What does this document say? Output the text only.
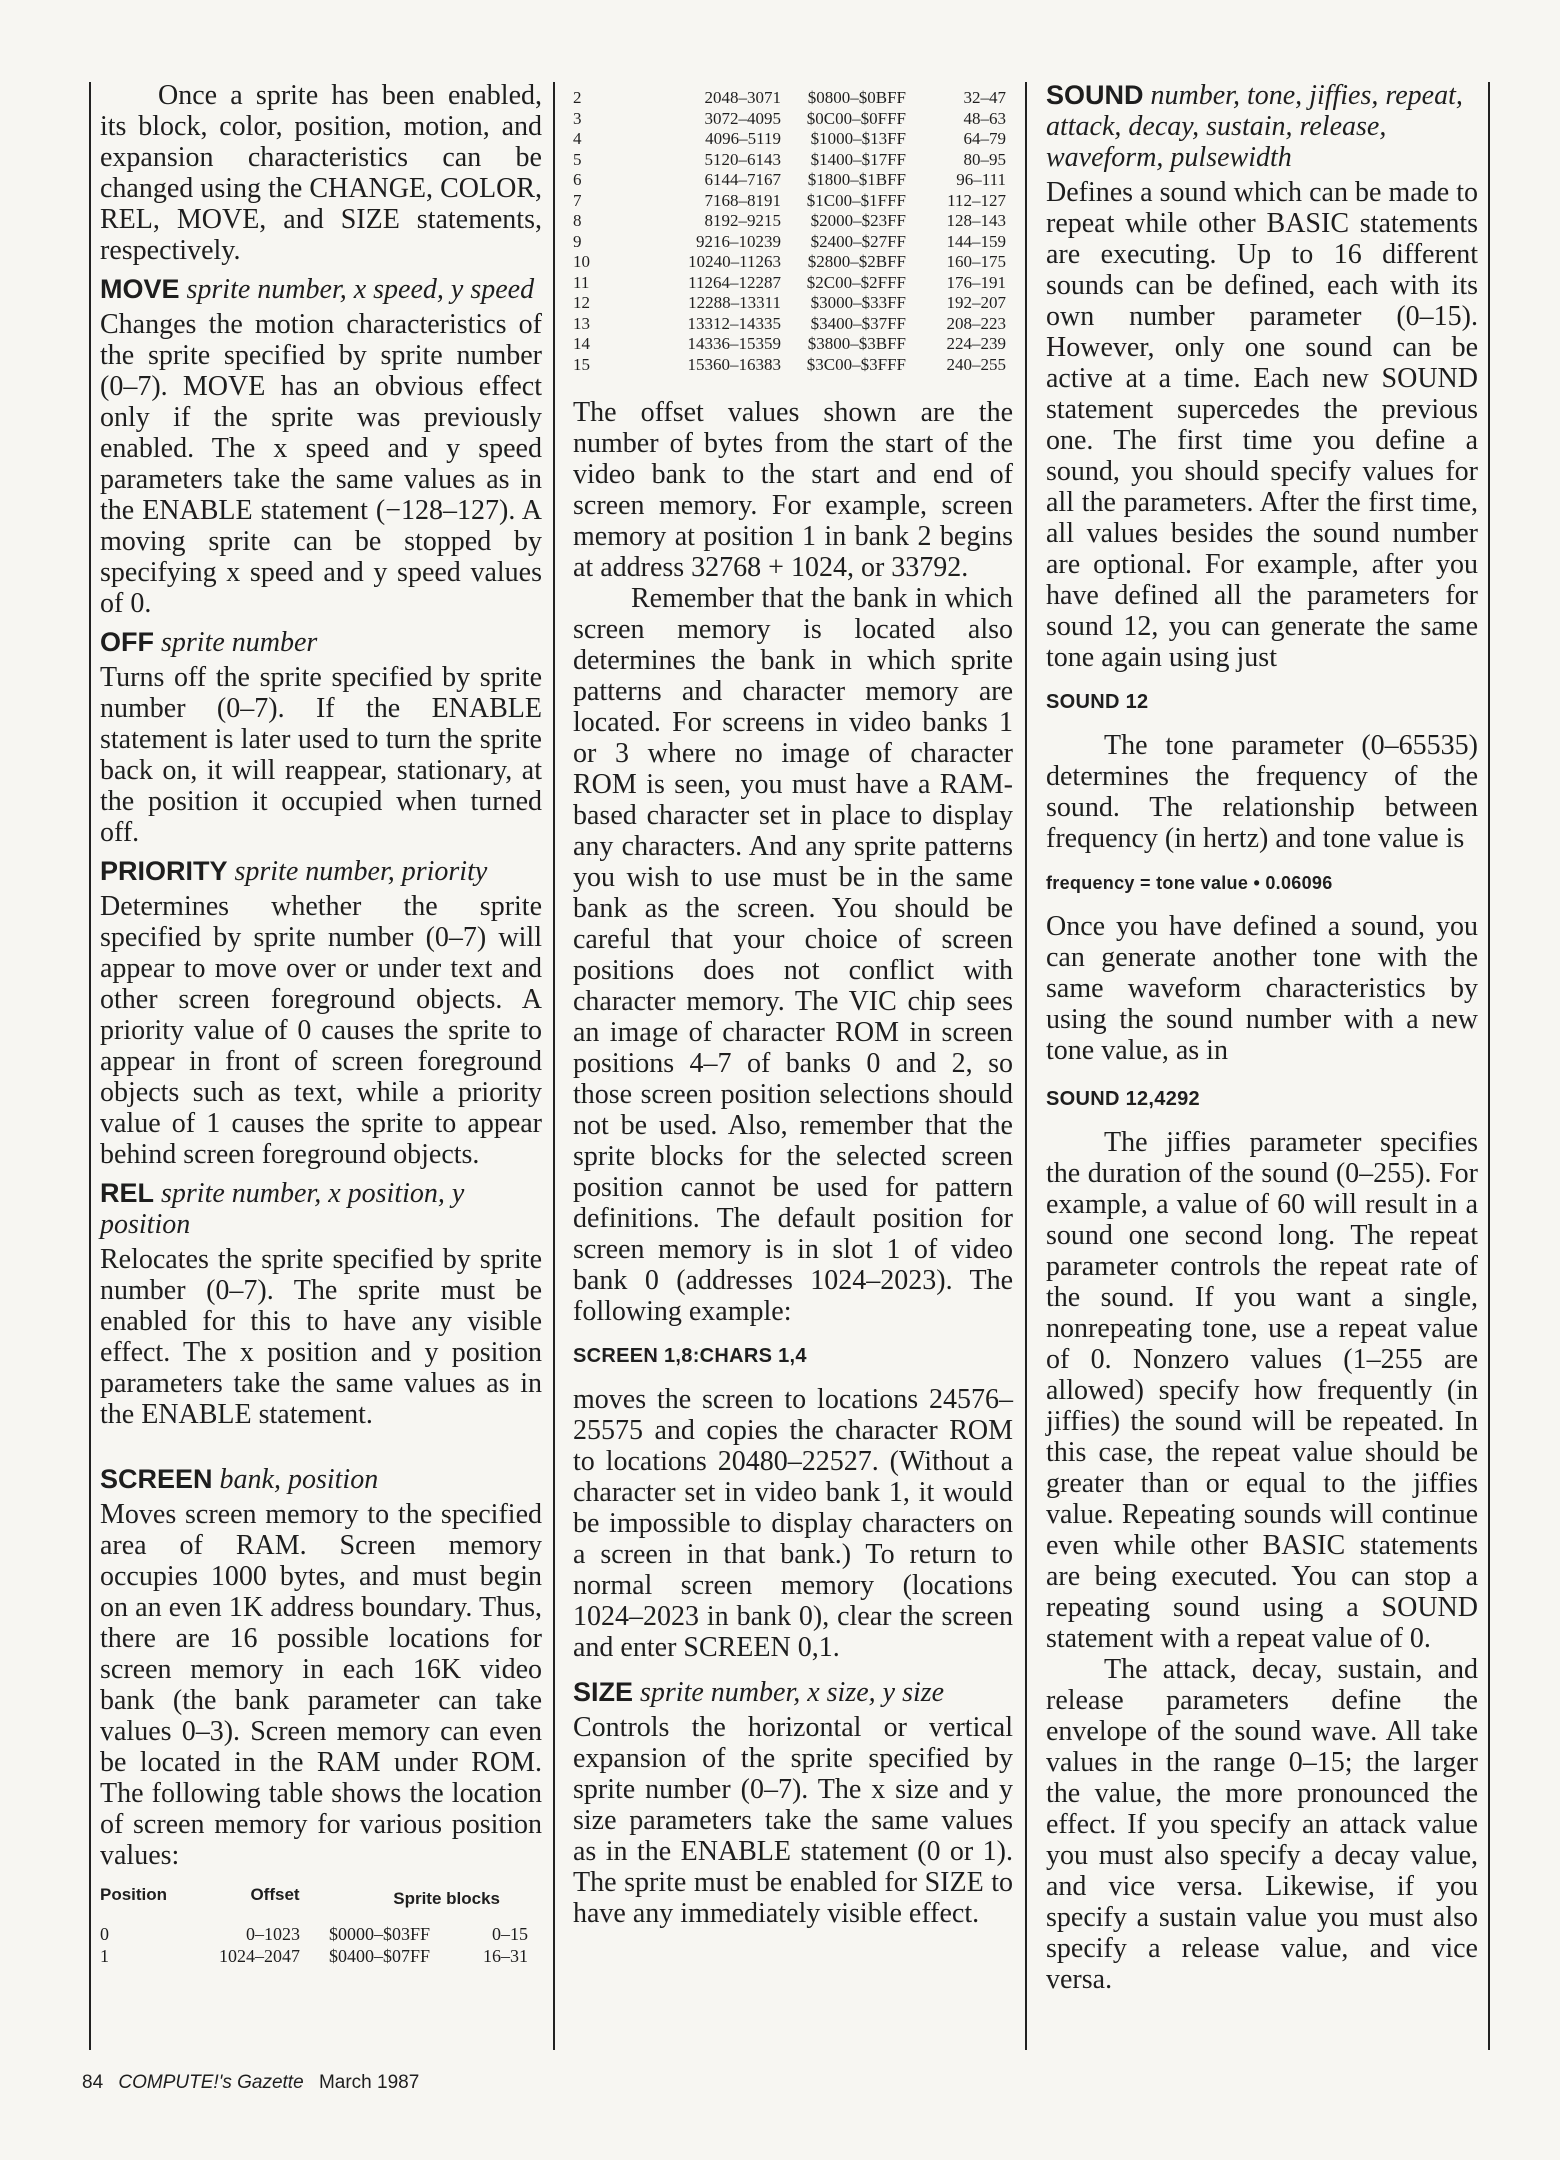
Once a sprite has been enabled, its block, color, position, motion, and expansion characteristics can be changed using the CHANGE, COLOR, REL, MOVE, and SIZE statements, respectively.

MOVE sprite number, x speed, y speed

Changes the motion characteristics of the sprite specified by sprite number (0–7). MOVE has an obvious effect only if the sprite was previously enabled. The x speed and y speed parameters take the same values as in the ENABLE statement (−128–127). A moving sprite can be stopped by specifying x speed and y speed values of 0.

OFF sprite number

Turns off the sprite specified by sprite number (0–7). If the ENABLE statement is later used to turn the sprite back on, it will reappear, stationary, at the position it occupied when turned off.

PRIORITY sprite number, priority

Determines whether the sprite specified by sprite number (0–7) will appear to move over or under text and other screen foreground objects. A priority value of 0 causes the sprite to appear in front of screen foreground objects such as text, while a priority value of 1 causes the sprite to appear behind screen foreground objects.

REL sprite number, x position, y position

Relocates the sprite specified by sprite number (0–7). The sprite must be enabled for this to have any visible effect. The x position and y position parameters take the same values as in the ENABLE statement.

SCREEN bank, position

Moves screen memory to the specified area of RAM. Screen memory occupies 1000 bytes, and must begin on an even 1K address boundary. Thus, there are 16 possible locations for screen memory in each 16K video bank (the bank parameter can take values 0–3). Screen memory can even be located in the RAM under ROM. The following table shows the location of screen memory for various position values:

Position	Offset	Sprite blocks
0	0–1023	$0000–$03FF	0–15
1	1024–2047	$0400–$07FF	16–31
2	2048–3071	$0800–$0BFF	32–47
3	3072–4095	$0C00–$0FFF	48–63
4	4096–5119	$1000–$13FF	64–79
5	5120–6143	$1400–$17FF	80–95
6	6144–7167	$1800–$1BFF	96–111
7	7168–8191	$1C00–$1FFF	112–127
8	8192–9215	$2000–$23FF	128–143
9	9216–10239	$2400–$27FF	144–159
10	10240–11263	$2800–$2BFF	160–175
11	11264–12287	$2C00–$2FFF	176–191
12	12288–13311	$3000–$33FF	192–207
13	13312–14335	$3400–$37FF	208–223
14	14336–15359	$3800–$3BFF	224–239
15	15360–16383	$3C00–$3FFF	240–255

The offset values shown are the number of bytes from the start of the video bank to the start and end of screen memory. For example, screen memory at position 1 in bank 2 begins at address 32768 + 1024, or 33792.

Remember that the bank in which screen memory is located also determines the bank in which sprite patterns and character memory are located. For screens in video banks 1 or 3 where no image of character ROM is seen, you must have a RAM-based character set in place to display any characters. And any sprite patterns you wish to use must be in the same bank as the screen. You should be careful that your choice of screen positions does not conflict with character memory. The VIC chip sees an image of character ROM in screen positions 4–7 of banks 0 and 2, so those screen position selections should not be used. Also, remember that the sprite blocks for the selected screen position cannot be used for pattern definitions. The default position for screen memory is in slot 1 of video bank 0 (addresses 1024–2023). The following example:

SCREEN 1,8:CHARS 1,4

moves the screen to locations 24576–25575 and copies the character ROM to locations 20480–22527. (Without a character set in video bank 1, it would be impossible to display characters on a screen in that bank.) To return to normal screen memory (locations 1024–2023 in bank 0), clear the screen and enter SCREEN 0,1.

SIZE sprite number, x size, y size

Controls the horizontal or vertical expansion of the sprite specified by sprite number (0–7). The x size and y size parameters take the same values as in the ENABLE statement (0 or 1). The sprite must be enabled for SIZE to have any immediately visible effect.

SOUND number, tone, jiffies, repeat, attack, decay, sustain, release, waveform, pulsewidth

Defines a sound which can be made to repeat while other BASIC statements are executing. Up to 16 different sounds can be defined, each with its own number parameter (0–15). However, only one sound can be active at a time. Each new SOUND statement supercedes the previous one. The first time you define a sound, you should specify values for all the parameters. After the first time, all values besides the sound number are optional. For example, after you have defined all the parameters for sound 12, you can generate the same tone again using just

SOUND 12

The tone parameter (0–65535) determines the frequency of the sound. The relationship between frequency (in hertz) and tone value is

frequency = tone value • 0.06096

Once you have defined a sound, you can generate another tone with the same waveform characteristics by using the sound number with a new tone value, as in

SOUND 12,4292

The jiffies parameter specifies the duration of the sound (0–255). For example, a value of 60 will result in a sound one second long. The repeat parameter controls the repeat rate of the sound. If you want a single, nonrepeating tone, use a repeat value of 0. Nonzero values (1–255 are allowed) specify how frequently (in jiffies) the sound will be repeated. In this case, the repeat value should be greater than or equal to the jiffies value. Repeating sounds will continue even while other BASIC statements are being executed. You can stop a repeating sound using a SOUND statement with a repeat value of 0.

The attack, decay, sustain, and release parameters define the envelope of the sound wave. All take values in the range 0–15; the larger the value, the more pronounced the effect. If you specify an attack value you must also specify a decay value, and vice versa. Likewise, if you specify a sustain value you must also specify a release value, and vice versa.

84 COMPUTE!'s Gazette March 1987
